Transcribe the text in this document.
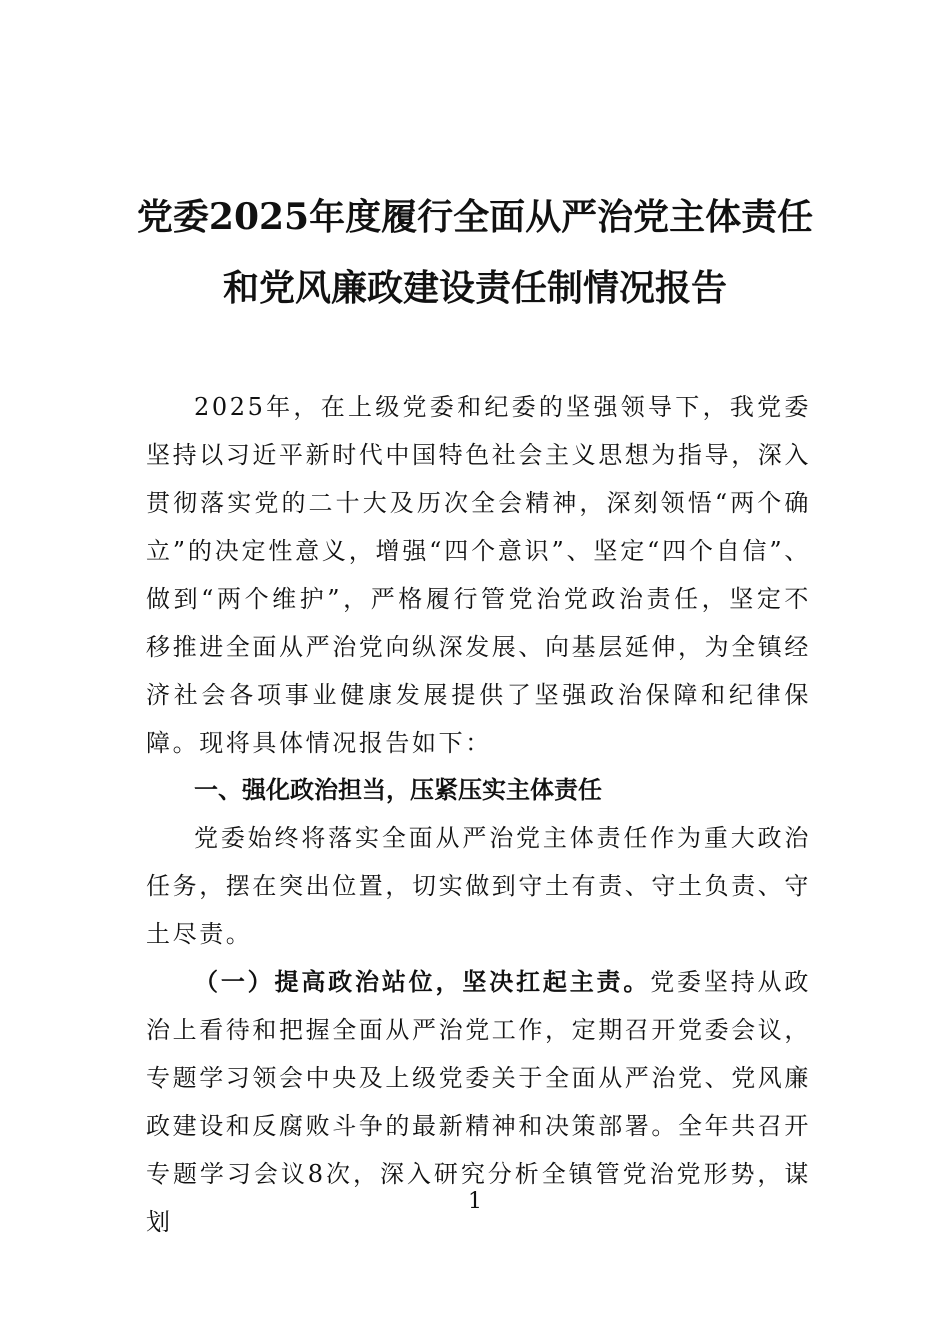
党委2025年度履行全面从严治党主体责任
和党风廉政建设责任制情况报告

2025年，在上级党委和纪委的坚强领导下，我党委坚持以习近平新时代中国特色社会主义思想为指导，深入贯彻落实党的二十大及历次全会精神，深刻领悟“两个确立”的决定性意义，增强“四个意识”、坚定“四个自信”、做到“两个维护”，严格履行管党治党政治责任，坚定不移推进全面从严治党向纵深发展、向基层延伸，为全镇经济社会各项事业健康发展提供了坚强政治保障和纪律保障。现将具体情况报告如下：

一、强化政治担当，压紧压实主体责任

党委始终将落实全面从严治党主体责任作为重大政治任务，摆在突出位置，切实做到守土有责、守土负责、守土尽责。

（一）提高政治站位，坚决扛起主责。党委坚持从政治上看待和把握全面从严治党工作，定期召开党委会议，专题学习领会中央及上级党委关于全面从严治党、党风廉政建设和反腐败斗争的最新精神和决策部署。全年共召开专题学习会议8次，深入研究分析全镇管党治党形势，谋划

1
